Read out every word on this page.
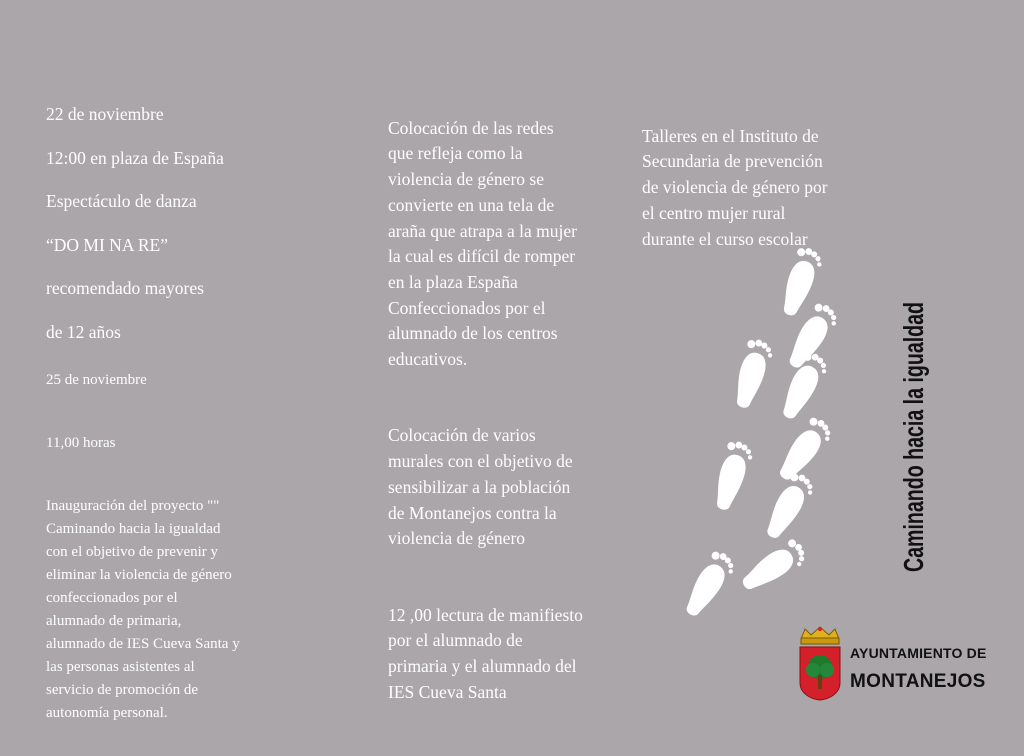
22 de noviembre

12:00 en plaza de España

Espectáculo de danza

“DO MI NA RE”

recomendado mayores

de 12 años

25 de noviembre

11,00 horas

Inauguración del proyecto ""
Caminando hacia la igualdad
con el objetivo de prevenir y
eliminar la violencia de género
confeccionados por el
alumnado de primaria,
alumnado de IES Cueva Santa y
las personas asistentes al
servicio de promoción de
autonomía personal.

Colocación de las redes
que refleja como la
violencia de género se
convierte en una tela de
araña que atrapa a la mujer
la cual es difícil de romper
en la plaza España
Confeccionados por el
alumnado de los centros
educativos.

Colocación de varios
murales con el objetivo de
sensibilizar a la población
de Montanejos contra la
violencia de género

12 ,00 lectura de manifiesto
por el alumnado de
primaria y el alumnado del
IES Cueva Santa

Talleres en el Instituto de
Secundaria de prevención
de violencia de género por
el centro mujer rural
durante el curso escolar	Caminando hacia la igualdad
AYUNTAMIENTO DE
MONTANEJOS
